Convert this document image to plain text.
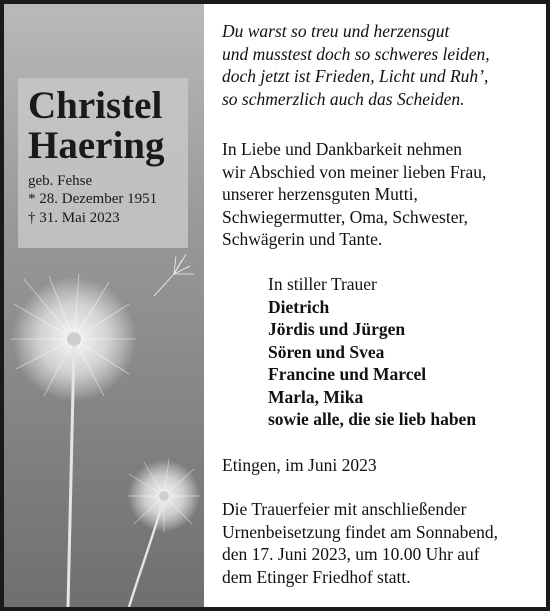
Christel
Haering
geb. Fehse
* 28. Dezember 1951
† 31. Mai 2023
Du warst so treu und herzensgut
und musstest doch so schweres leiden,
doch jetzt ist Frieden, Licht und Ruh’,
so schmerzlich auch das Scheiden.
In Liebe und Dankbarkeit nehmen
wir Abschied von meiner lieben Frau,
unserer herzensguten Mutti,
Schwiegermutter, Oma, Schwester,
Schwägerin und Tante.
In stiller Trauer
Dietrich
Jördis und Jürgen
Sören und Svea
Francine und Marcel
Marla, Mika
sowie alle, die sie lieb haben
Etingen, im Juni 2023
Die Trauerfeier mit anschließender
Urnenbeisetzung findet am Sonnabend,
den 17. Juni 2023, um 10.00 Uhr auf
dem Etinger Friedhof statt.
